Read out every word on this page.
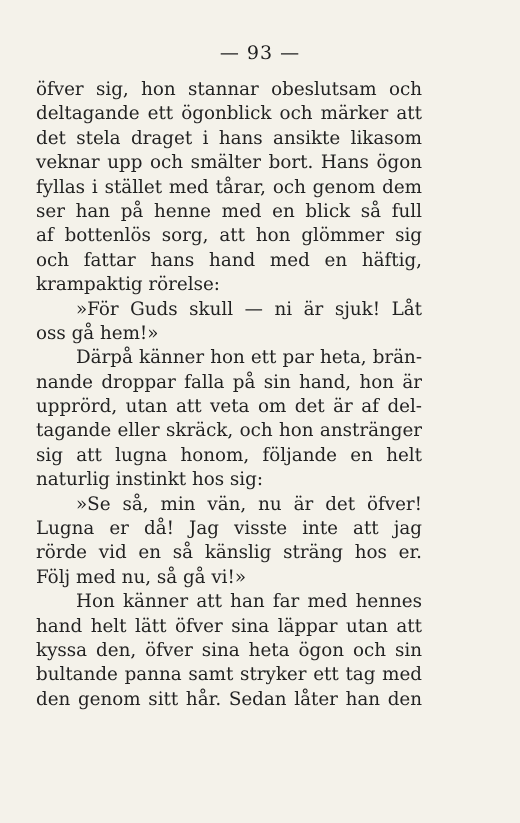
— 93 —
öfver sig, hon stannar obeslutsam och
deltagande ett ögonblick och märker att
det stela draget i hans ansikte likasom
veknar upp och smälter bort. Hans ögon
fyllas i stället med tårar, och genom dem
ser han på henne med en blick så full
af bottenlös sorg, att hon glömmer sig
och fattar hans hand med en häftig,
krampaktig rörelse:
»För Guds skull — ni är sjuk! Låt
oss gå hem!»
Därpå känner hon ett par heta, brän-
nande droppar falla på sin hand, hon är
upprörd, utan att veta om det är af del-
tagande eller skräck, och hon anstränger
sig att lugna honom, följande en helt
naturlig instinkt hos sig:
»Se så, min vän, nu är det öfver!
Lugna er då! Jag visste inte att jag
rörde vid en så känslig sträng hos er.
Följ med nu, så gå vi!»
Hon känner att han far med hennes
hand helt lätt öfver sina läppar utan att
kyssa den, öfver sina heta ögon och sin
bultande panna samt stryker ett tag med
den genom sitt hår. Sedan låter han den
